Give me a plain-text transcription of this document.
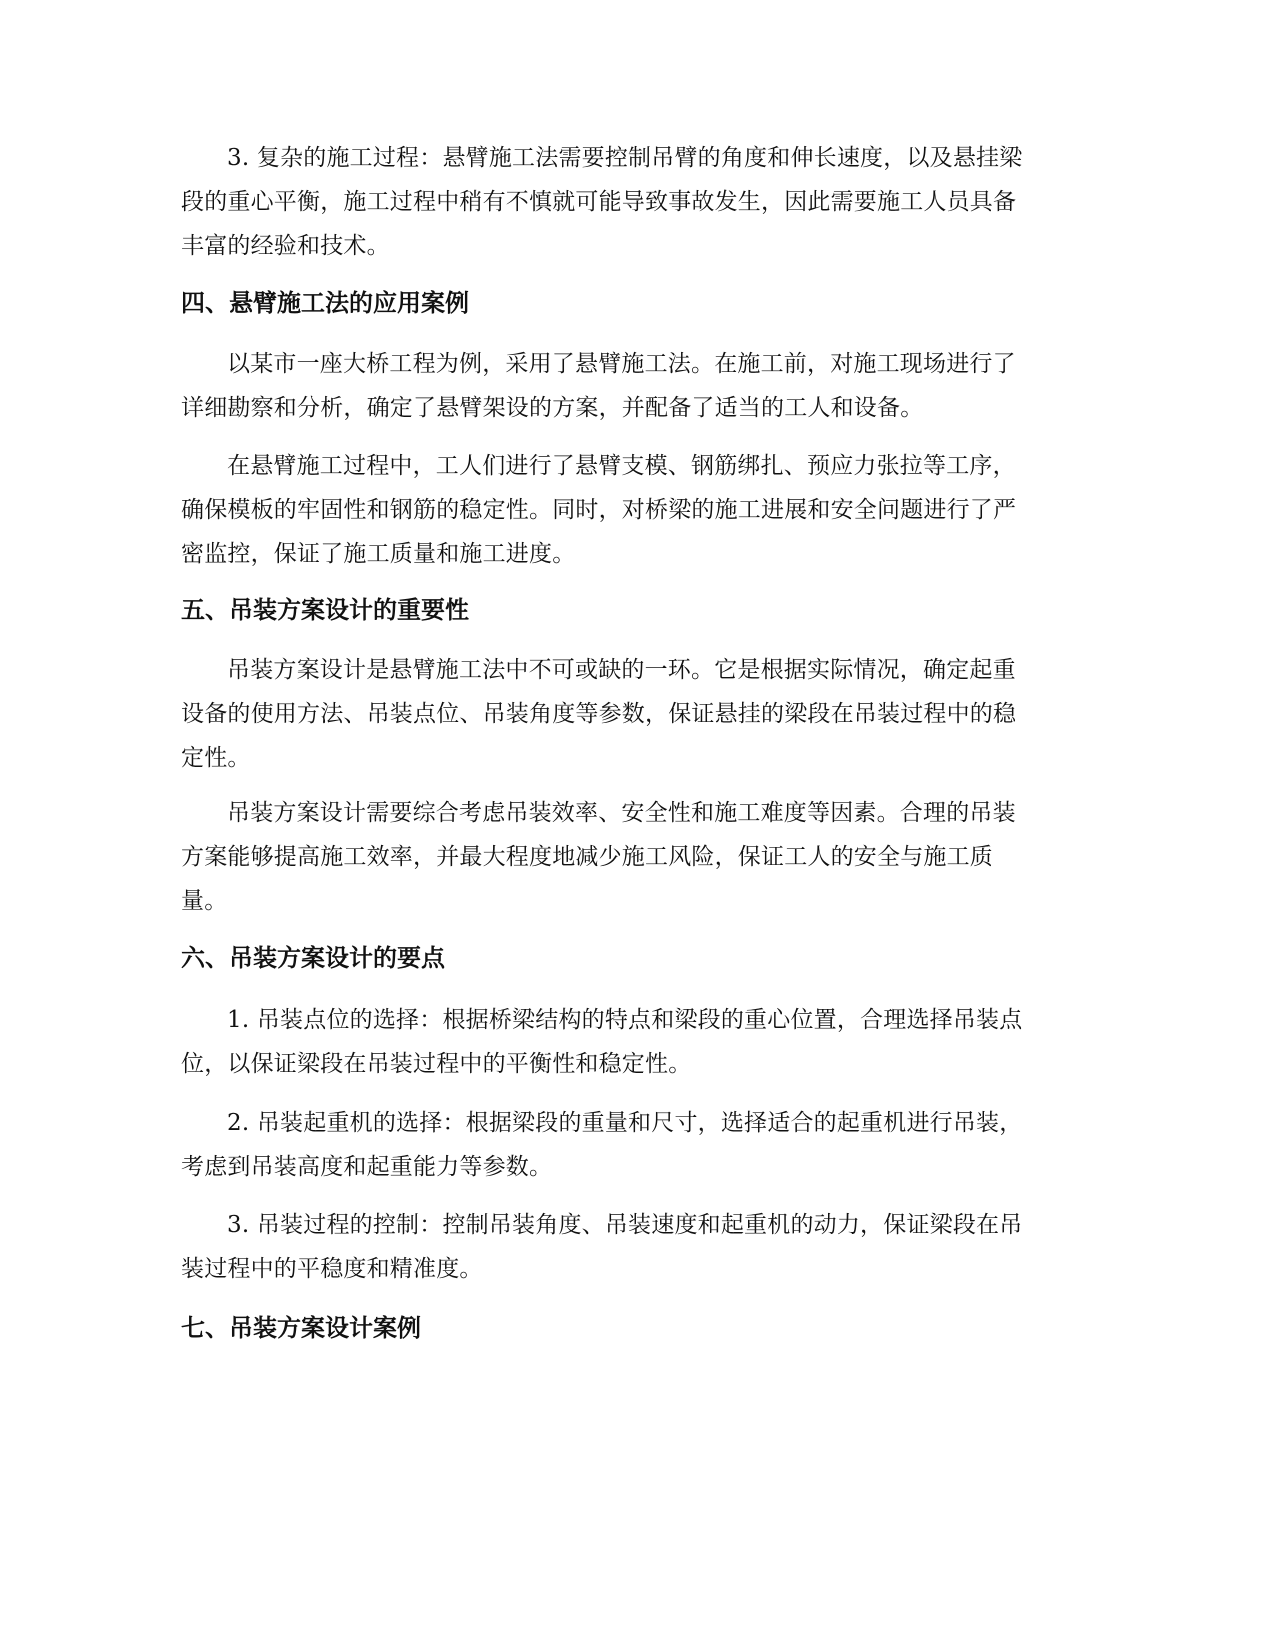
3. 复杂的施工过程：悬臂施工法需要控制吊臂的角度和伸长速度，以及悬挂梁

段的重心平衡，施工过程中稍有不慎就可能导致事故发生，因此需要施工人员具备

丰富的经验和技术。

四、悬臂施工法的应用案例

以某市一座大桥工程为例，采用了悬臂施工法。在施工前，对施工现场进行了

详细勘察和分析，确定了悬臂架设的方案，并配备了适当的工人和设备。

在悬臂施工过程中，工人们进行了悬臂支模、钢筋绑扎、预应力张拉等工序，

确保模板的牢固性和钢筋的稳定性。同时，对桥梁的施工进展和安全问题进行了严

密监控，保证了施工质量和施工进度。

五、吊装方案设计的重要性

吊装方案设计是悬臂施工法中不可或缺的一环。它是根据实际情况，确定起重

设备的使用方法、吊装点位、吊装角度等参数，保证悬挂的梁段在吊装过程中的稳

定性。

吊装方案设计需要综合考虑吊装效率、安全性和施工难度等因素。合理的吊装

方案能够提高施工效率，并最大程度地减少施工风险，保证工人的安全与施工质

量。

六、吊装方案设计的要点

1. 吊装点位的选择：根据桥梁结构的特点和梁段的重心位置，合理选择吊装点

位，以保证梁段在吊装过程中的平衡性和稳定性。

2. 吊装起重机的选择：根据梁段的重量和尺寸，选择适合的起重机进行吊装，

考虑到吊装高度和起重能力等参数。

3. 吊装过程的控制：控制吊装角度、吊装速度和起重机的动力，保证梁段在吊

装过程中的平稳度和精准度。

七、吊装方案设计案例
